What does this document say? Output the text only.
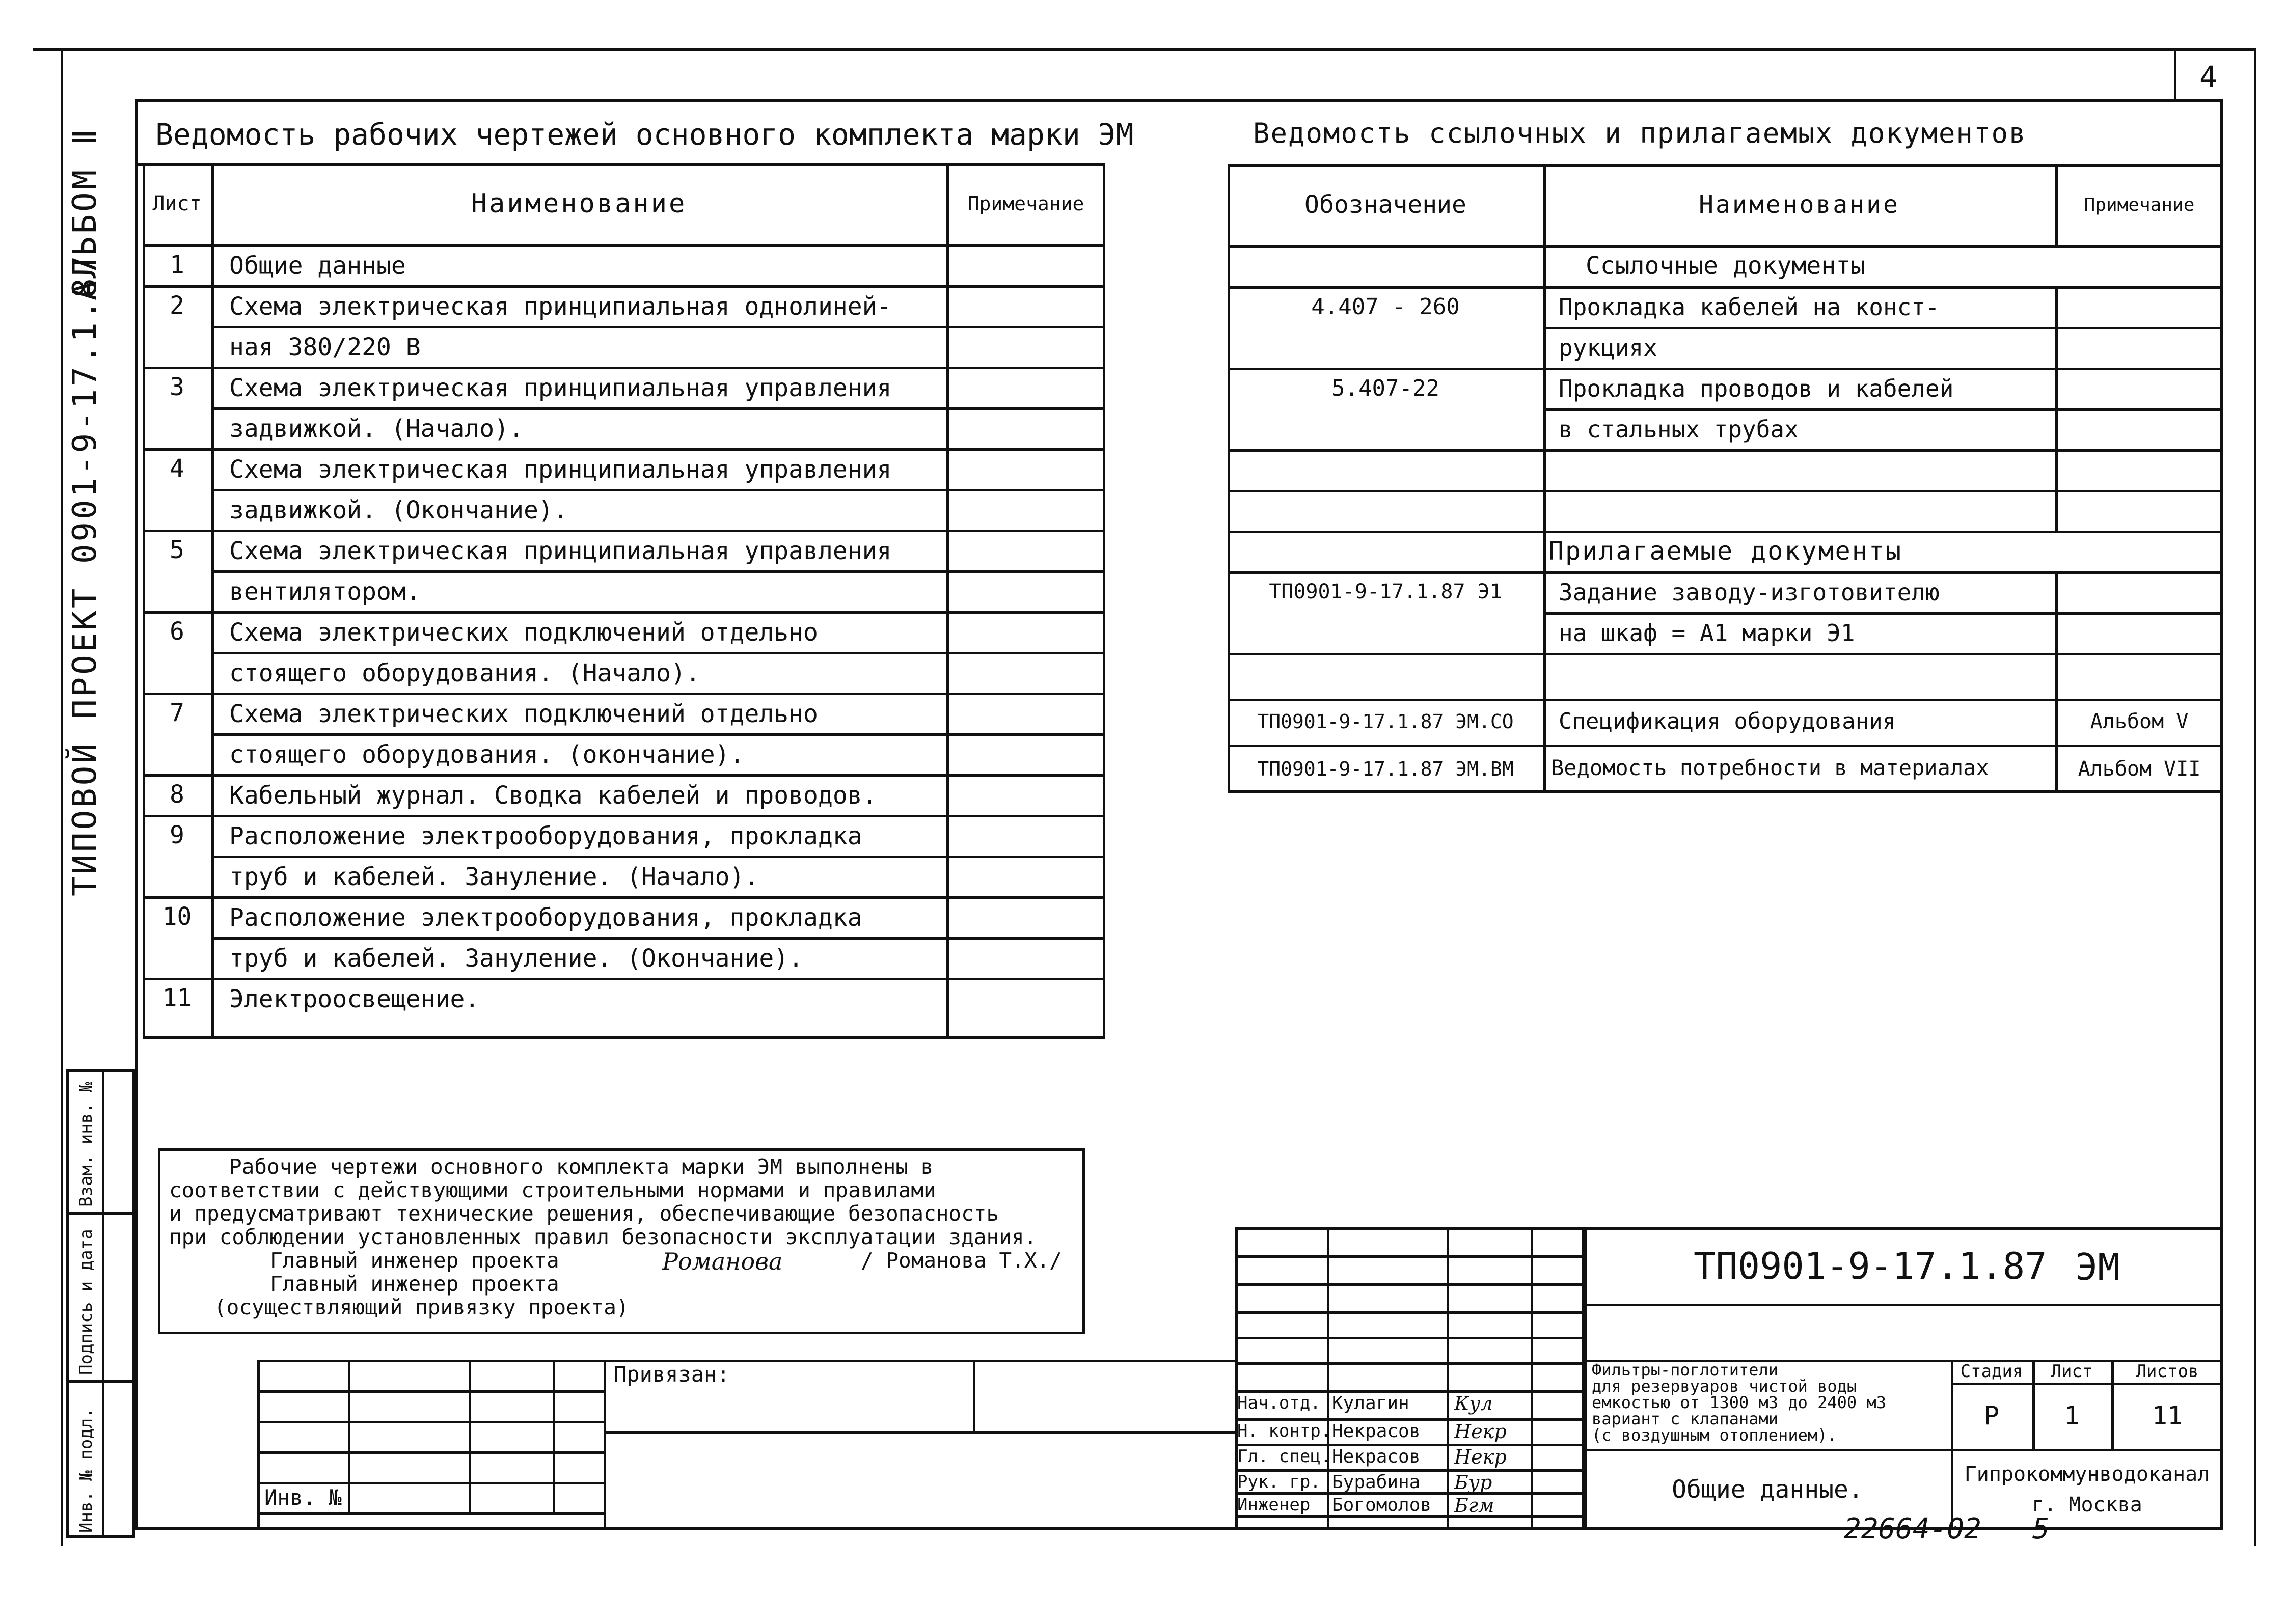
4
ТИПОВОЙ ПРОЕКТ 0901-9-17.1.87
АЛЬБОМ Ⅱ
Инв. № подл.
Подпись и дата
Взам. инв. №
Ведомость рабочих чертежей основного комплекта марки ЭМ
Лист	Наименование	Примечание
1	Общие данные
2	Схема электрическая принципиальная однолиней-
ная 380/220 В
3	Схема электрическая принципиальная управления
задвижкой. (Начало).
4	Схема электрическая принципиальная управления
задвижкой. (Окончание).
5	Схема электрическая принципиальная управления
вентилятором.
6	Схема электрических подключений отдельно
стоящего оборудования. (Начало).
7	Схема электрических подключений отдельно
стоящего оборудования. (окончание).
8	Кабельный журнал. Сводка кабелей и проводов.
9	Расположение электрооборудования, прокладка
труб и кабелей. Зануление. (Начало).
10	Расположение электрооборудования, прокладка
труб и кабелей. Зануление. (Окончание).
11	Электроосвещение.
Ведомость ссылочных и прилагаемых документов
Обозначение	Наименование	Примечание
Ссылочные документы
4.407 - 260	Прокладка кабелей на конст-
рукциях
5.407-22	Прокладка проводов и кабелей
в стальных трубах
Прилагаемые документы
ТП0901-9-17.1.87 Э1	Задание заводу-изготовителю
на шкаф = А1 марки Э1
ТП0901-9-17.1.87 ЭМ.СО	Спецификация оборудования	Альбом V
ТП0901-9-17.1.87 ЭМ.ВМ	Ведомость потребности в материалах	Альбом VII
Рабочие чертежи основного комплекта марки ЭМ выполнены в
соответствии с действующими строительными нормами и правилами
и предусматривают технические решения, обеспечивающие безопасность
при соблюдении установленных правил безопасности эксплуатации здания.
Главный инженер проекта	Романова	/ Романова Т.Х./
Главный инженер проекта
(осуществляющий привязку проекта)
Привязан:
Инв. №
ТП0901-9-17.1.87 ЭМ
Фильтры-поглотители
для резервуаров чистой воды
емкостью от 1300 м3 до 2400 м3
вариант с клапанами
(с воздушным отоплением).
Стадия	Лист	Листов
Р	1	11
Общие данные.
Гипрокоммунводоканал
г. Москва
Нач.отд. Кулагин Кул
Н. контр. Некрасов Некр
Гл. спец. Некрасов Некр
Рук. гр. Бурабина Бур
Инженер Богомолов Бгм
22664-02 5
